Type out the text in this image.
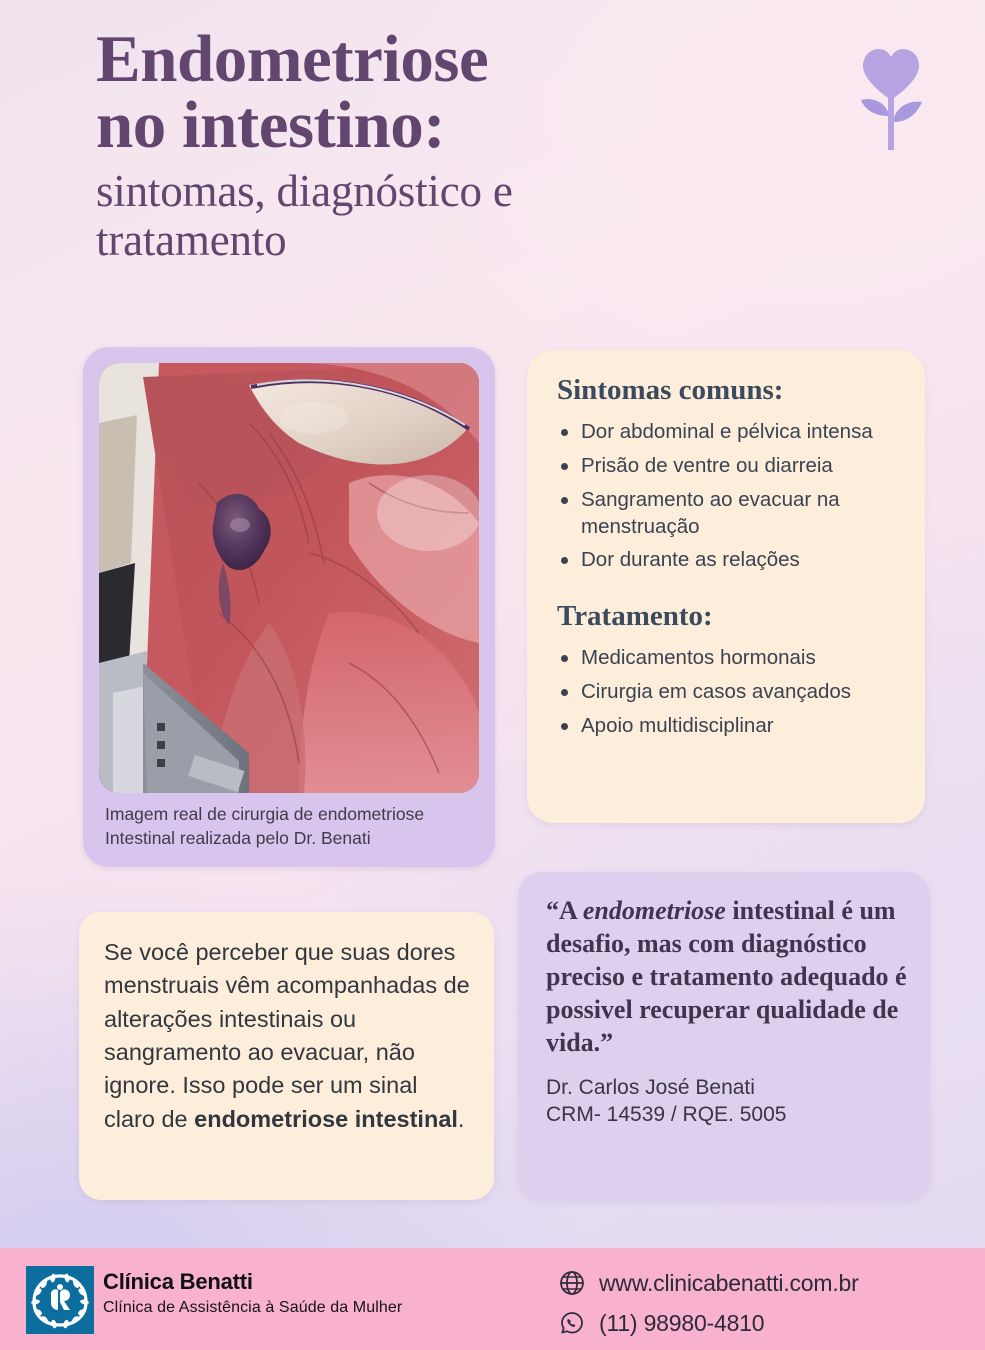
Endometriose
no intestino:

sintomas, diagnóstico e
tratamento

Imagem real de cirurgia de endometriose Intestinal realizada pelo Dr. Benati
Sintomas comuns:
Dor abdominal e pélvica intensa
Prisão de ventre ou diarreia
Sangramento ao evacuar na menstruação
Dor durante as relações
Tratamento:
Medicamentos hormonais
Cirurgia em casos avançados
Apoio multidisciplinar

Se você perceber que suas dores menstruais vêm acompanhadas de alterações intestinais ou sangramento ao evacuar, não ignore. Isso pode ser um sinal claro de endometriose intestinal.

“A endometriose intestinal é um desafio, mas com diagnóstico preciso e tratamento adequado é possivel recuperar qualidade de vida.”

Dr. Carlos José Benati
CRM- 14539 / RQE. 5005

Clínica Benatti

Clínica de Assistência à Saúde da Mulher

www.clinicabenatti.com.br
(11) 98980-4810
